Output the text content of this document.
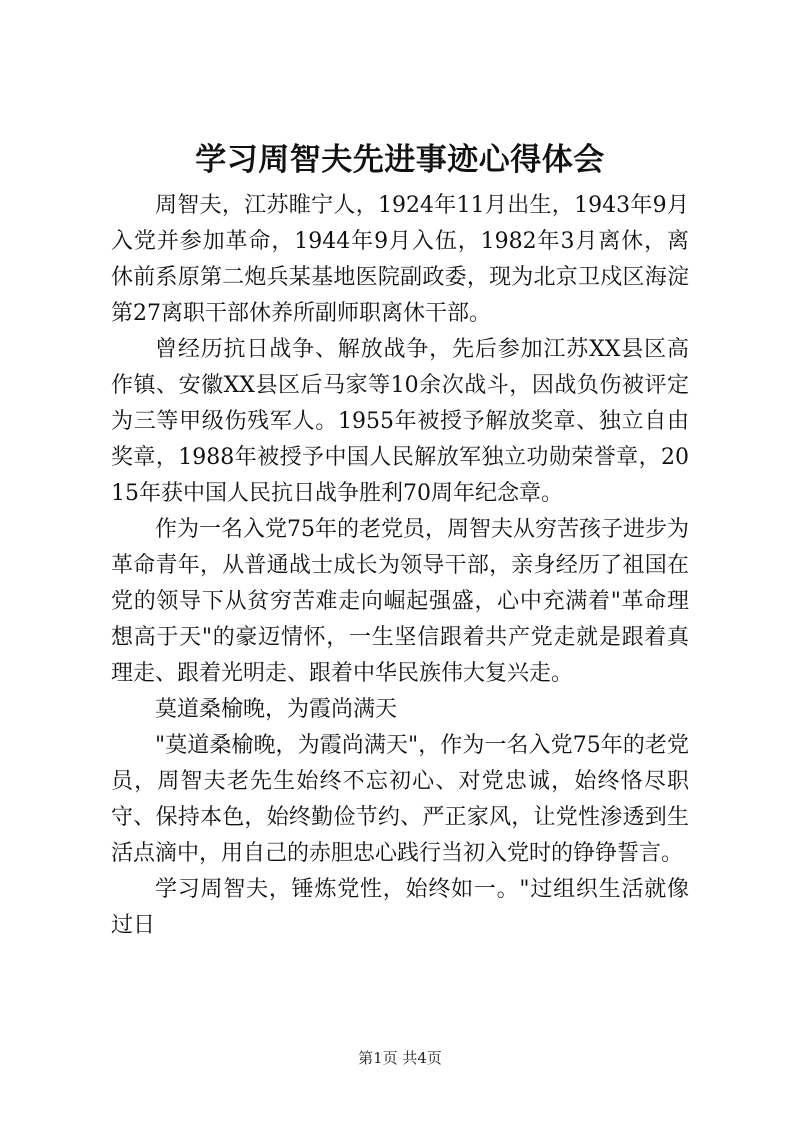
学习周智夫先进事迹心得体会

周智夫，江苏睢宁人，1924年11月出生，1943年9月入党并参加革命，1944年9月入伍，1982年3月离休，离休前系原第二炮兵某基地医院副政委，现为北京卫戍区海淀第27离职干部休养所副师职离休干部。

曾经历抗日战争、解放战争，先后参加江苏XX县区高作镇、安徽XX县区后马家等10余次战斗，因战负伤被评定为三等甲级伤残军人。1955年被授予解放奖章、独立自由奖章，1988年被授予中国人民解放军独立功勋荣誉章，2015年获中国人民抗日战争胜利70周年纪念章。

作为一名入党75年的老党员，周智夫从穷苦孩子进步为革命青年，从普通战士成长为领导干部，亲身经历了祖国在党的领导下从贫穷苦难走向崛起强盛，心中充满着"革命理想高于天"的豪迈情怀，一生坚信跟着共产党走就是跟着真理走、跟着光明走、跟着中华民族伟大复兴走。

莫道桑榆晚，为霞尚满天

"莫道桑榆晚，为霞尚满天"，作为一名入党75年的老党员，周智夫老先生始终不忘初心、对党忠诚，始终恪尽职守、保持本色，始终勤俭节约、严正家风，让党性渗透到生活点滴中，用自己的赤胆忠心践行当初入党时的铮铮誓言。

学习周智夫，锤炼党性，始终如一。"过组织生活就像过日

第1页 共4页
